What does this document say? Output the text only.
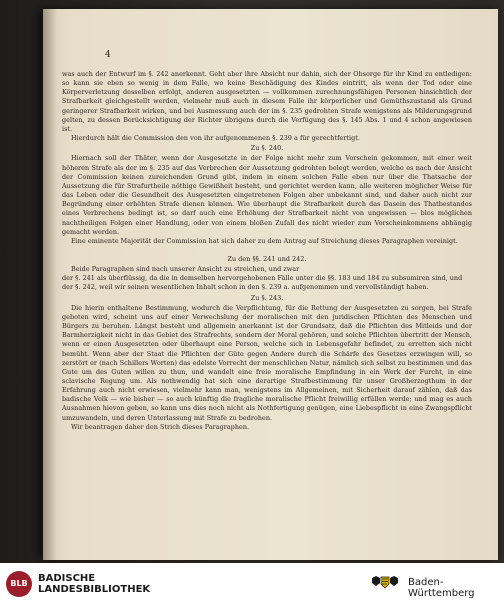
4

was auch der Entwurf im §. 242 anerkennt. Geht aber ihre Absicht nur dahin, sich der Obsorge für ihr Kind zu entledigen: so kann sie eben so wenig in dem Falle, wo keine Beschädigung des Kindes eintritt, als wenn der Tod oder eine Körperverletzung desselben erfolgt, anderen ausgesetzten — vollkommen zurechnungsfähigen Personen hinsichtlich der Strafbarkeit gleichgestellt werden, vielmehr muß auch in diesem Falle ihr körperlicher und Gemüthszustand als Grund geringerer Strafbarkeit wirken, und bei Ausmessung auch der im §. 235 gedrohten Strafe wenigstens als Milderungsgrund gelten, zu dessen Berücksichtigung der Richter übrigens durch die Verfügung des §. 145 Abs. 1 und 4 schon angewiesen ist.

Hierdurch hält die Commission den von ihr aufgenommenen §. 239 a für gerechtfertigt.

Zu §. 240.

Hiernach soll der Thäter, wenn der Ausgesetzte in der Folge nicht mehr zum Vorschein gekommen, mit einer weit höheren Strafe als der im §. 235 auf das Verbrechen der Aussetzung gedrohten belegt werden, welche es nach der Ansicht der Commission keinen zureichenden Grund gibt, indem in einem solchen Falle eben nur über die Thatsache der Aussetzung die für Strafurtheile nöthige Gewißheit besteht, und gerichtet werden kann, alle weiteren möglicher Weise für das Leben oder die Gesundheit des Ausgesetzten eingetretenen Folgen aber unbekannt sind, und daher auch nicht zur Begründung einer erhöhten Strafe dienen können. Wie überhaupt die Strafbarkeit durch das Dasein des Thatbestandes eines Verbrechens bedingt ist, so darf auch eine Erhöhung der Strafbarkeit nicht von ungewissen — blos möglichen nachtheiligen Folgen einer Handlung, oder von einem bloßen Zufall des nicht wieder zum Vorscheinkommens abhängig gemacht werden.

Eine eminente Majorität der Commission hat sich daher zu dem Antrag auf Streichung dieses Paragraphen vereinigt.

Zu den §§. 241 und 242.

Beide Paragraphen sind nach unserer Ansicht zu streichen, und zwar

der §. 241 als überflüssig, da die in demselben hervorgehobenen Fälle unter die §§. 183 und 184 zu subsumiren sind, und

der §. 242, weil wir seinen wesentlichen Inhalt schon in den §. 239 a. aufgenommen und vervollständigt haben.

Zu §. 243.

Die hierin enthaltene Bestimmung, wodurch die Verpflichtung, für die Rettung der Ausgesetzten zu sorgen, bei Strafe geboten wird, scheint uns auf einer Verwechslung der moralischen mit den juridischen Pflichten des Menschen und Bürgers zu beruhen. Längst besteht und allgemein anerkannt ist der Grundsatz, daß die Pflichten des Mitleids und der Barmherzigkeit nicht in das Gebiet des Strafrechts, sondern der Moral gehören, und solche Pflichten übertritt der Mensch, wenn er einen Ausgesetzten oder überhaupt eine Person, welche sich in Lebensgefahr befindet, zu erretten sich nicht bemüht. Wenn aber der Staat die Pflichten der Güte gegen Andere durch die Schärfe des Gesetzes erzwingen will, so zerstört er (nach Schillers Worten) das edelste Vorrecht der menschlichen Natur, nämlich sich selbst zu bestimmen und das Gute um des Guten willen zu thun, und wandelt eine freie moralische Empfindung in ein Werk der Furcht, in eine sclavische Regung um. Als nothwendig hat sich eine derartige Strafbestimmung für unser Großherzogthum in der Erfahrung auch nicht erwiesen, vielmehr kann man, wenigstens im Allgemeinen, mit Sicherheit darauf zählen, daß das badische Volk — wie bisher — so auch künftig die fragliche moralische Pflicht freiwillig erfüllen werde; und mag es auch Ausnahmen hievon geben, so kann uns dies noch nicht als Nothfertigung genügen, eine Liebespflicht in eine Zwangspflicht umzuwandeln, und deren Unterlassung mit Strafe zu bedrohen.

Wir beantragen daher den Strich dieses Paragraphen.

BLB	BADISCHE
LANDESBIBLIOTHEK
Baden-Württemberg
